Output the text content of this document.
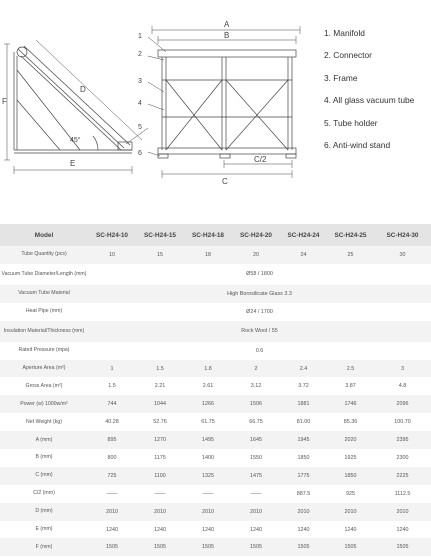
F
D
45°
E
A
B
C/2
C
1
2
3
4
5
6
1. Manifold
2. Connector
3. Frame
4. All glass vacuum tube
5. Tube holder
6. Anti-wind stand
Model	SC-H24-10	SC-H24-15	SC-H24-18	SC-H24-20	SC-H24-24	SC-H24-25	SC-H24-30
Tube Quantity (pcs)	10	15	18	20	24	25	30
Vacuum Tube Diameter/Length (mm)	Ø58 / 1800						
Vacuum Tube Material	High Borosilicate Glass 3.3						
Heat Pipe (mm)	Ø24 / 1700						
Insulation Material/Thickness (mm)	Rock Wool / 55						
Rated Pressure (mpa)	0.6						
Aperture Area (m²)	1	1.5	1.8	2	2.4	2.5	3
Gross Area (m²)	1.5	2.21	2.61	3.12	3.72	3.87	4.8
Power (w) 1000w/m²	744	1044	1266	1506	1881	1746	2096
Net Weight (kg)	40.28	52.76	61.75	66.75	81.00	85.36	100.70
A (mm)	895	1270	1495	1645	1945	2020	2395
B (mm)	800	1175	1400	1550	1850	1925	2300
C (mm)	725	1100	1325	1475	1775	1850	2225
C/2 (mm)	——	——	——	——	887.5	925	1112.5
D (mm)	2010	2010	2010	2010	2010	2010	2010
E (mm)	1240	1240	1240	1240	1240	1240	1240
F (mm)	1505	1505	1505	1505	1505	1505	1505
